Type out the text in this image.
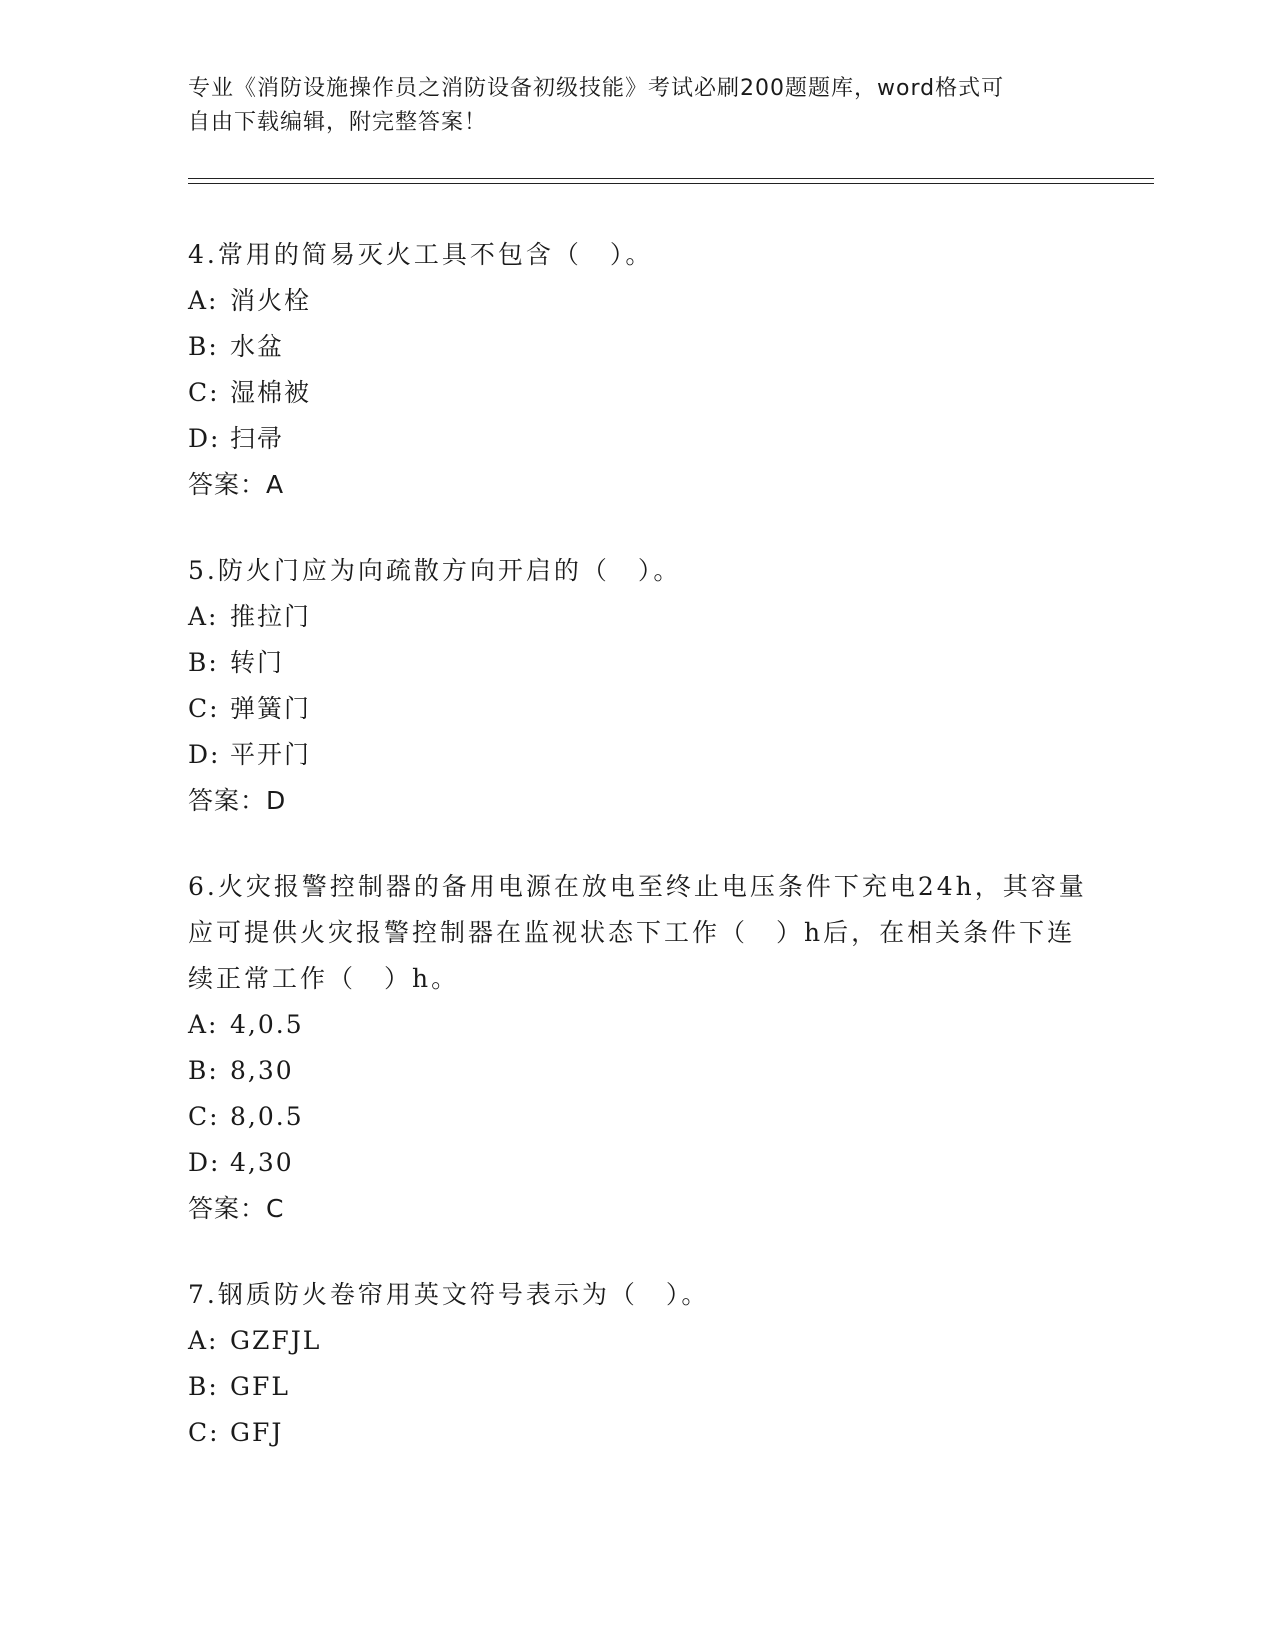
专业《消防设施操作员之消防设备初级技能》考试必刷200题题库，word格式可
自由下载编辑，附完整答案！
4.常用的简易灭火工具不包含（　）。
A: 消火栓
B: 水盆
C: 湿棉被
D: 扫帚
答案：A
5.防火门应为向疏散方向开启的（　）。
A: 推拉门
B: 转门
C: 弹簧门
D: 平开门
答案：D
6.火灾报警控制器的备用电源在放电至终止电压条件下充电24h，其容量应可提供火灾报警控制器在监视状态下工作（　）h后，在相关条件下连续正常工作（　）h。
A: 4,0.5
B: 8,30
C: 8,0.5
D: 4,30
答案：C
7.钢质防火卷帘用英文符号表示为（　）。
A: GZFJL
B: GFL
C: GFJ
